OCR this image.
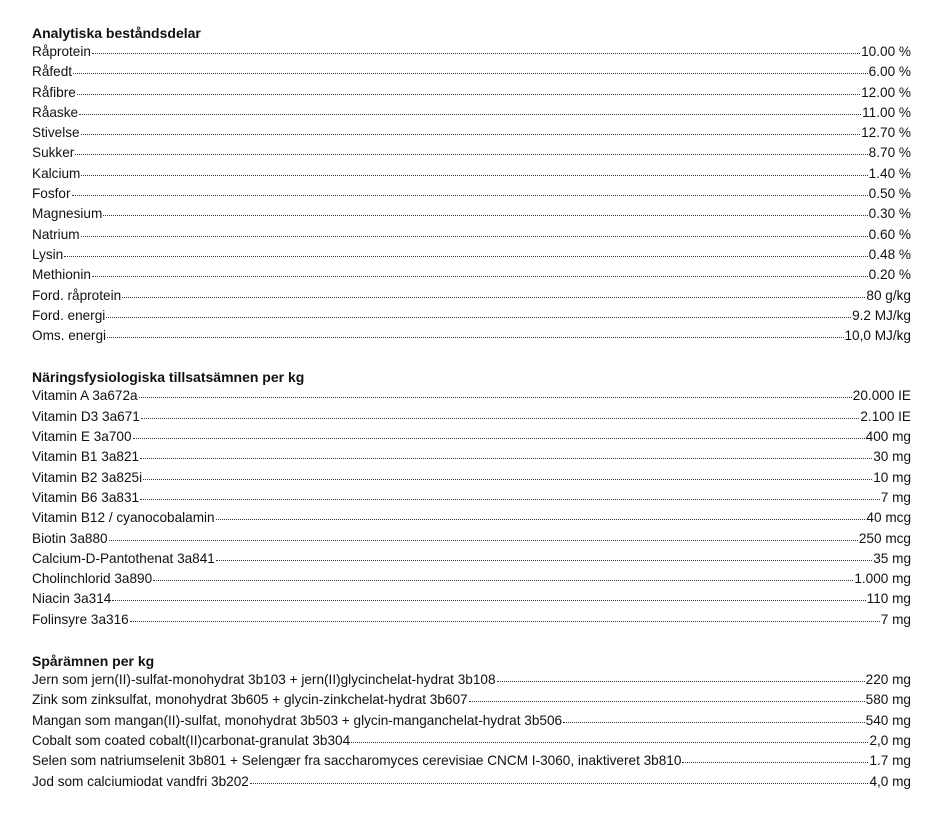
Analytiska beståndsdelar
Råprotein	10.00 %
Råfedt	6.00 %
Råfibre	12.00 %
Råaske	11.00 %
Stivelse	12.70 %
Sukker	8.70 %
Kalcium	1.40 %
Fosfor	0.50 %
Magnesium	0.30 %
Natrium	0.60 %
Lysin	0.48 %
Methionin	0.20 %
Ford. råprotein	80 g/kg
Ford. energi	9.2 MJ/kg
Oms. energi	10,0 MJ/kg
Näringsfysiologiska tillsatsämnen per kg
Vitamin A 3a672a	20.000 IE
Vitamin D3 3a671	2.100 IE
Vitamin E 3a700	400 mg
Vitamin B1 3a821	30 mg
Vitamin B2 3a825i	10 mg
Vitamin B6 3a831	7 mg
Vitamin B12 / cyanocobalamin	40 mcg
Biotin 3a880	250 mcg
Calcium-D-Pantothenat 3a841	35 mg
Cholinchlorid 3a890	1.000 mg
Niacin 3a314	110 mg
Folinsyre 3a316	7 mg
Spårämnen per kg
Jern som jern(II)-sulfat-monohydrat 3b103 + jern(II)glycinchelat-hydrat 3b108	220 mg
Zink som zinksulfat, monohydrat 3b605 + glycin-zinkchelat-hydrat 3b607	580 mg
Mangan som mangan(II)-sulfat, monohydrat 3b503 + glycin-manganchelat-hydrat 3b506	540 mg
Cobalt som coated cobalt(II)carbonat-granulat 3b304	2,0 mg
Selen som natriumselenit 3b801 + Selengær fra saccharomyces cerevisiae CNCM I-3060, inaktiveret 3b810	1.7 mg
Jod som calciumiodat vandfri 3b202	4,0 mg
